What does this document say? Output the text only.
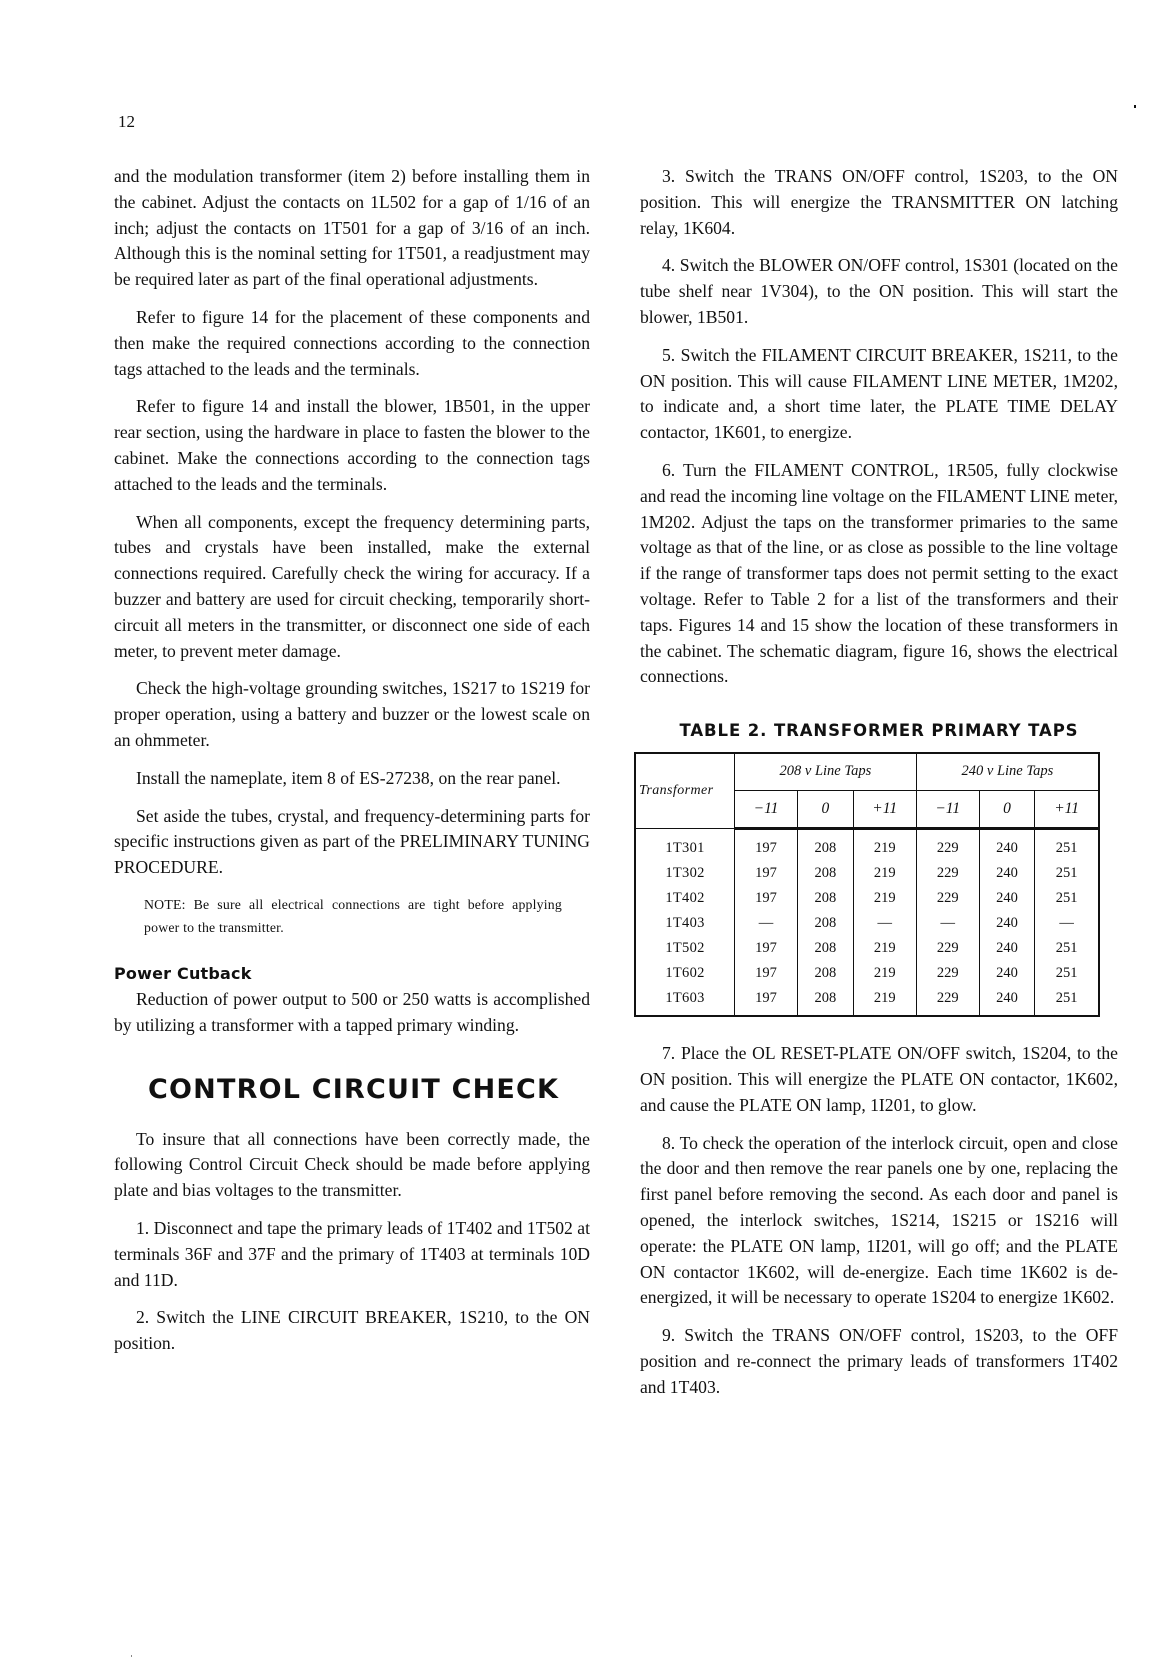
12

and the modulation transformer (item 2) before installing them in the cabinet. Adjust the contacts on 1L502 for a gap of 1/16 of an inch; adjust the contacts on 1T501 for a gap of 3/16 of an inch. Although this is the nominal setting for 1T501, a readjustment may be required later as part of the final operational adjustments.

Refer to figure 14 for the placement of these components and then make the required connections according to the connection tags attached to the leads and the terminals.

Refer to figure 14 and install the blower, 1B501, in the upper rear section, using the hardware in place to fasten the blower to the cabinet. Make the connections according to the connection tags attached to the leads and the terminals.

When all components, except the frequency determining parts, tubes and crystals have been installed, make the external connections required. Carefully check the wiring for accuracy. If a buzzer and battery are used for circuit checking, temporarily short-circuit all meters in the transmitter, or disconnect one side of each meter, to prevent meter damage.

Check the high-voltage grounding switches, 1S217 to 1S219 for proper operation, using a battery and buzzer or the lowest scale on an ohmmeter.

Install the nameplate, item 8 of ES-27238, on the rear panel.

Set aside the tubes, crystal, and frequency-determining parts for specific instructions given as part of the PRELIMINARY TUNING PROCEDURE.

NOTE: Be sure all electrical connections are tight before applying power to the transmitter.
Power Cutback

Reduction of power output to 500 or 250 watts is accomplished by utilizing a transformer with a tapped primary winding.

CONTROL CIRCUIT CHECK

To insure that all connections have been correctly made, the following Control Circuit Check should be made before applying plate and bias voltages to the transmitter.

1. Disconnect and tape the primary leads of 1T402 and 1T502 at terminals 36F and 37F and the primary of 1T403 at terminals 10D and 11D.

2. Switch the LINE CIRCUIT BREAKER, 1S210, to the ON position.

3. Switch the TRANS ON/OFF control, 1S203, to the ON position. This will energize the TRANSMITTER ON latching relay, 1K604.

4. Switch the BLOWER ON/OFF control, 1S301 (located on the tube shelf near 1V304), to the ON position. This will start the blower, 1B501.

5. Switch the FILAMENT CIRCUIT BREAKER, 1S211, to the ON position. This will cause FILAMENT LINE METER, 1M202, to indicate and, a short time later, the PLATE TIME DELAY contactor, 1K601, to energize.

6. Turn the FILAMENT CONTROL, 1R505, fully clockwise and read the incoming line voltage on the FILAMENT LINE meter, 1M202. Adjust the taps on the transformer primaries to the same voltage as that of the line, or as close as possible to the line voltage if the range of transformer taps does not permit setting to the exact voltage. Refer to Table 2 for a list of the transformers and their taps. Figures 14 and 15 show the location of these transformers in the cabinet. The schematic diagram, figure 16, shows the electrical connections.

TABLE 2. TRANSFORMER PRIMARY TAPS
Transformer	208 v Line Taps			240 v Line Taps		
	−11	0	+11	−11	0	+11
1T301	197	208	219	229	240	251
1T302	197	208	219	229	240	251
1T402	197	208	219	229	240	251
1T403	—	208	—	—	240	—
1T502	197	208	219	229	240	251
1T602	197	208	219	229	240	251
1T603	197	208	219	229	240	251

7. Place the OL RESET-PLATE ON/OFF switch, 1S204, to the ON position. This will energize the PLATE ON contactor, 1K602, and cause the PLATE ON lamp, 1I201, to glow.

8. To check the operation of the interlock circuit, open and close the door and then remove the rear panels one by one, replacing the first panel before removing the second. As each door and panel is opened, the interlock switches, 1S214, 1S215 or 1S216 will operate: the PLATE ON lamp, 1I201, will go off; and the PLATE ON contactor 1K602, will de-energize. Each time 1K602 is de-energized, it will be necessary to operate 1S204 to energize 1K602.

9. Switch the TRANS ON/OFF control, 1S203, to the OFF position and re-connect the primary leads of transformers 1T402 and 1T403.
